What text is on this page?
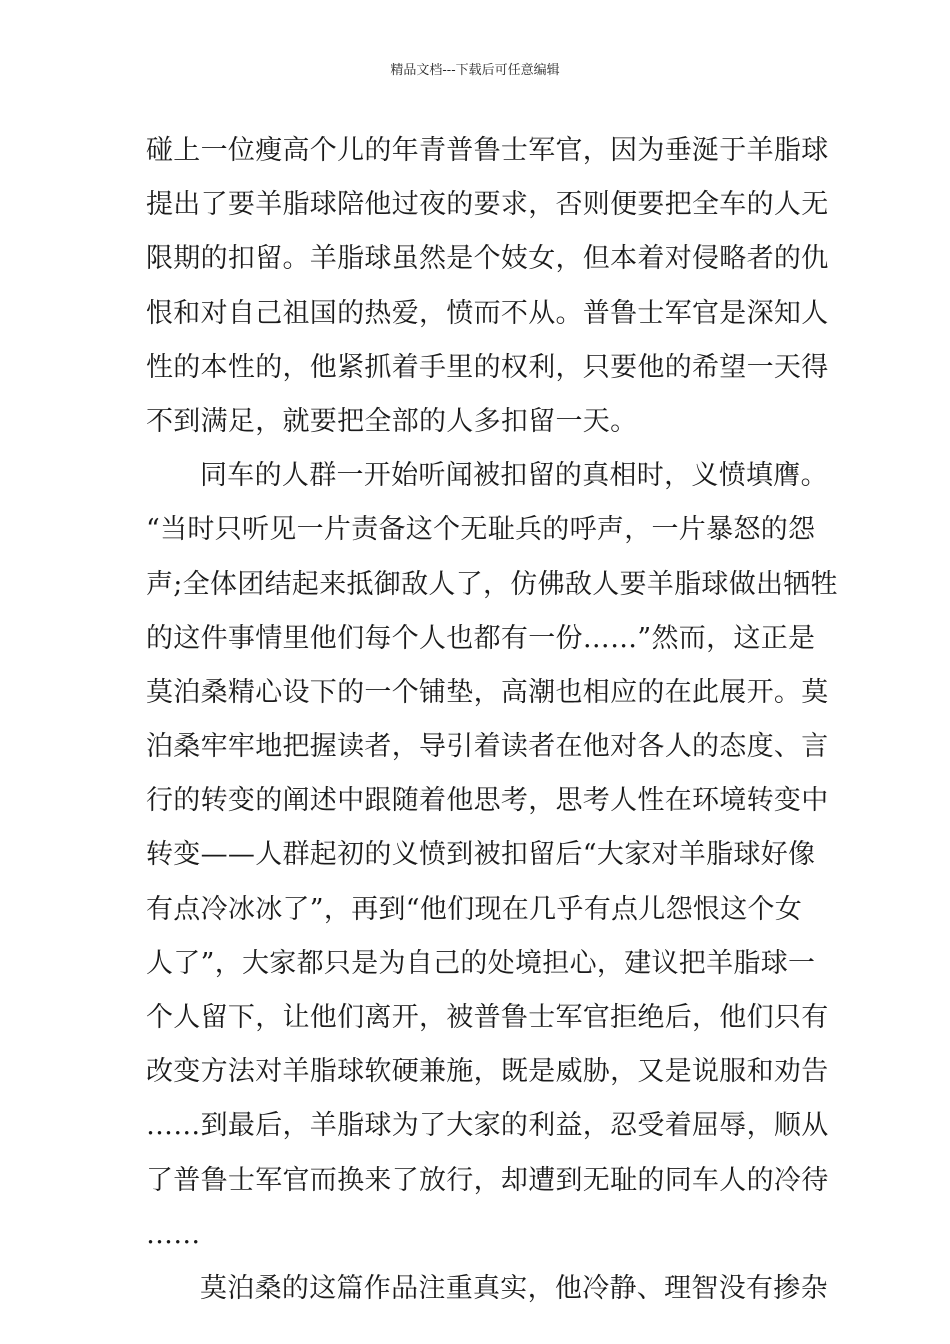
精品文档---下载后可任意编辑
碰上一位瘦高个儿的年青普鲁士军官，因为垂涎于羊脂球
提出了要羊脂球陪他过夜的要求，否则便要把全车的人无
限期的扣留。羊脂球虽然是个妓女，但本着对侵略者的仇
恨和对自己祖国的热爱，愤而不从。普鲁士军官是深知人
性的本性的，他紧抓着手里的权利，只要他的希望一天得
不到满足，就要把全部的人多扣留一天。
同车的人群一开始听闻被扣留的真相时，义愤填膺。
“当时只听见一片责备这个无耻兵的呼声，一片暴怒的怨
声;全体团结起来抵御敌人了，仿佛敌人要羊脂球做出牺牲
的这件事情里他们每个人也都有一份……”然而，这正是
莫泊桑精心设下的一个铺垫，高潮也相应的在此展开。莫
泊桑牢牢地把握读者，导引着读者在他对各人的态度、言
行的转变的阐述中跟随着他思考，思考人性在环境转变中
转变——人群起初的义愤到被扣留后“大家对羊脂球好像
有点冷冰冰了”，再到“他们现在几乎有点儿怨恨这个女
人了”，大家都只是为自己的处境担心，建议把羊脂球一
个人留下，让他们离开，被普鲁士军官拒绝后，他们只有
改变方法对羊脂球软硬兼施，既是威胁，又是说服和劝告
……到最后，羊脂球为了大家的利益，忍受着屈辱，顺从
了普鲁士军官而换来了放行，却遭到无耻的同车人的冷待
……
莫泊桑的这篇作品注重真实，他冷静、理智没有掺杂
